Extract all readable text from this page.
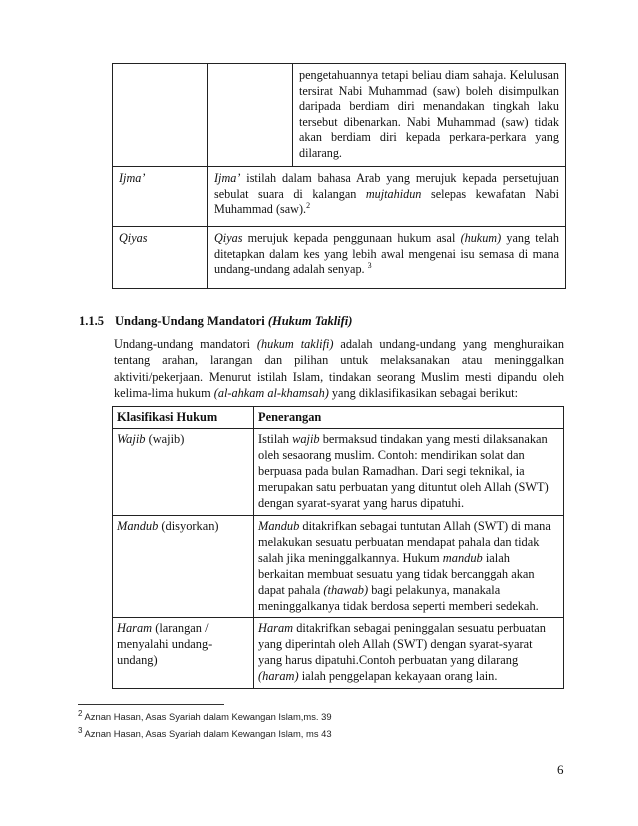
		pengetahuannya tetapi beliau diam sahaja. Kelulusan tersirat Nabi Muhammad (saw) boleh disimpulkan daripada berdiam diri menandakan tingkah laku tersebut dibenarkan. Nabi Muhammad (saw) tidak akan berdiam diri kepada perkara-perkara yang dilarang.
Ijma’	Ijma’ istilah dalam bahasa Arab yang merujuk kepada persetujuan sebulat suara di kalangan mujtahidun selepas kewafatan Nabi Muhammad (saw).$^2$
Qiyas	Qiyas merujuk kepada penggunaan hukum asal (hukum) yang telah ditetapkan dalam kes yang lebih awal mengenai isu semasa di mana undang-undang adalah senyap. $^3$
1.1.5 Undang-Undang Mandatori (Hukum Taklifi)
Undang-undang mandatori (hukum taklifi) adalah undang-undang yang menghuraikan tentang arahan, larangan dan pilihan untuk melaksanakan atau meninggalkan aktiviti/pekerjaan. Menurut istilah Islam, tindakan seorang Muslim mesti dipandu oleh kelima-lima hukum (al-ahkam al-khamsah) yang diklasifikasikan sebagai berikut:
Klasifikasi Hukum	Penerangan
Wajib (wajib)	Istilah wajib bermaksud tindakan yang mesti dilaksanakan oleh sesaorang muslim. Contoh: mendirikan solat dan berpuasa pada bulan Ramadhan. Dari segi teknikal, ia merupakan satu perbuatan yang dituntut oleh Allah (SWT) dengan syarat-syarat yang harus dipatuhi.
Mandub (disyorkan)	Mandub ditakrifkan sebagai tuntutan Allah (SWT) di mana melakukan sesuatu perbuatan mendapat pahala dan tidak salah jika meninggalkannya. Hukum mandub ialah berkaitan membuat sesuatu yang tidak bercanggah akan dapat pahala (thawab) bagi pelakunya, manakala meninggalkanya tidak berdosa seperti memberi sedekah.
Haram (larangan / menyalahi undang-undang)	Haram ditakrifkan sebagai peninggalan sesuatu perbuatan yang diperintah oleh Allah (SWT) dengan syarat-syarat yang harus dipatuhi.Contoh perbuatan yang dilarang (haram) ialah penggelapan kekayaan orang lain.
$^2$ Aznan Hasan, Asas Syariah dalam Kewangan Islam,ms. 39
$^3$ Aznan Hasan, Asas Syariah dalam Kewangan Islam, ms 43
6
